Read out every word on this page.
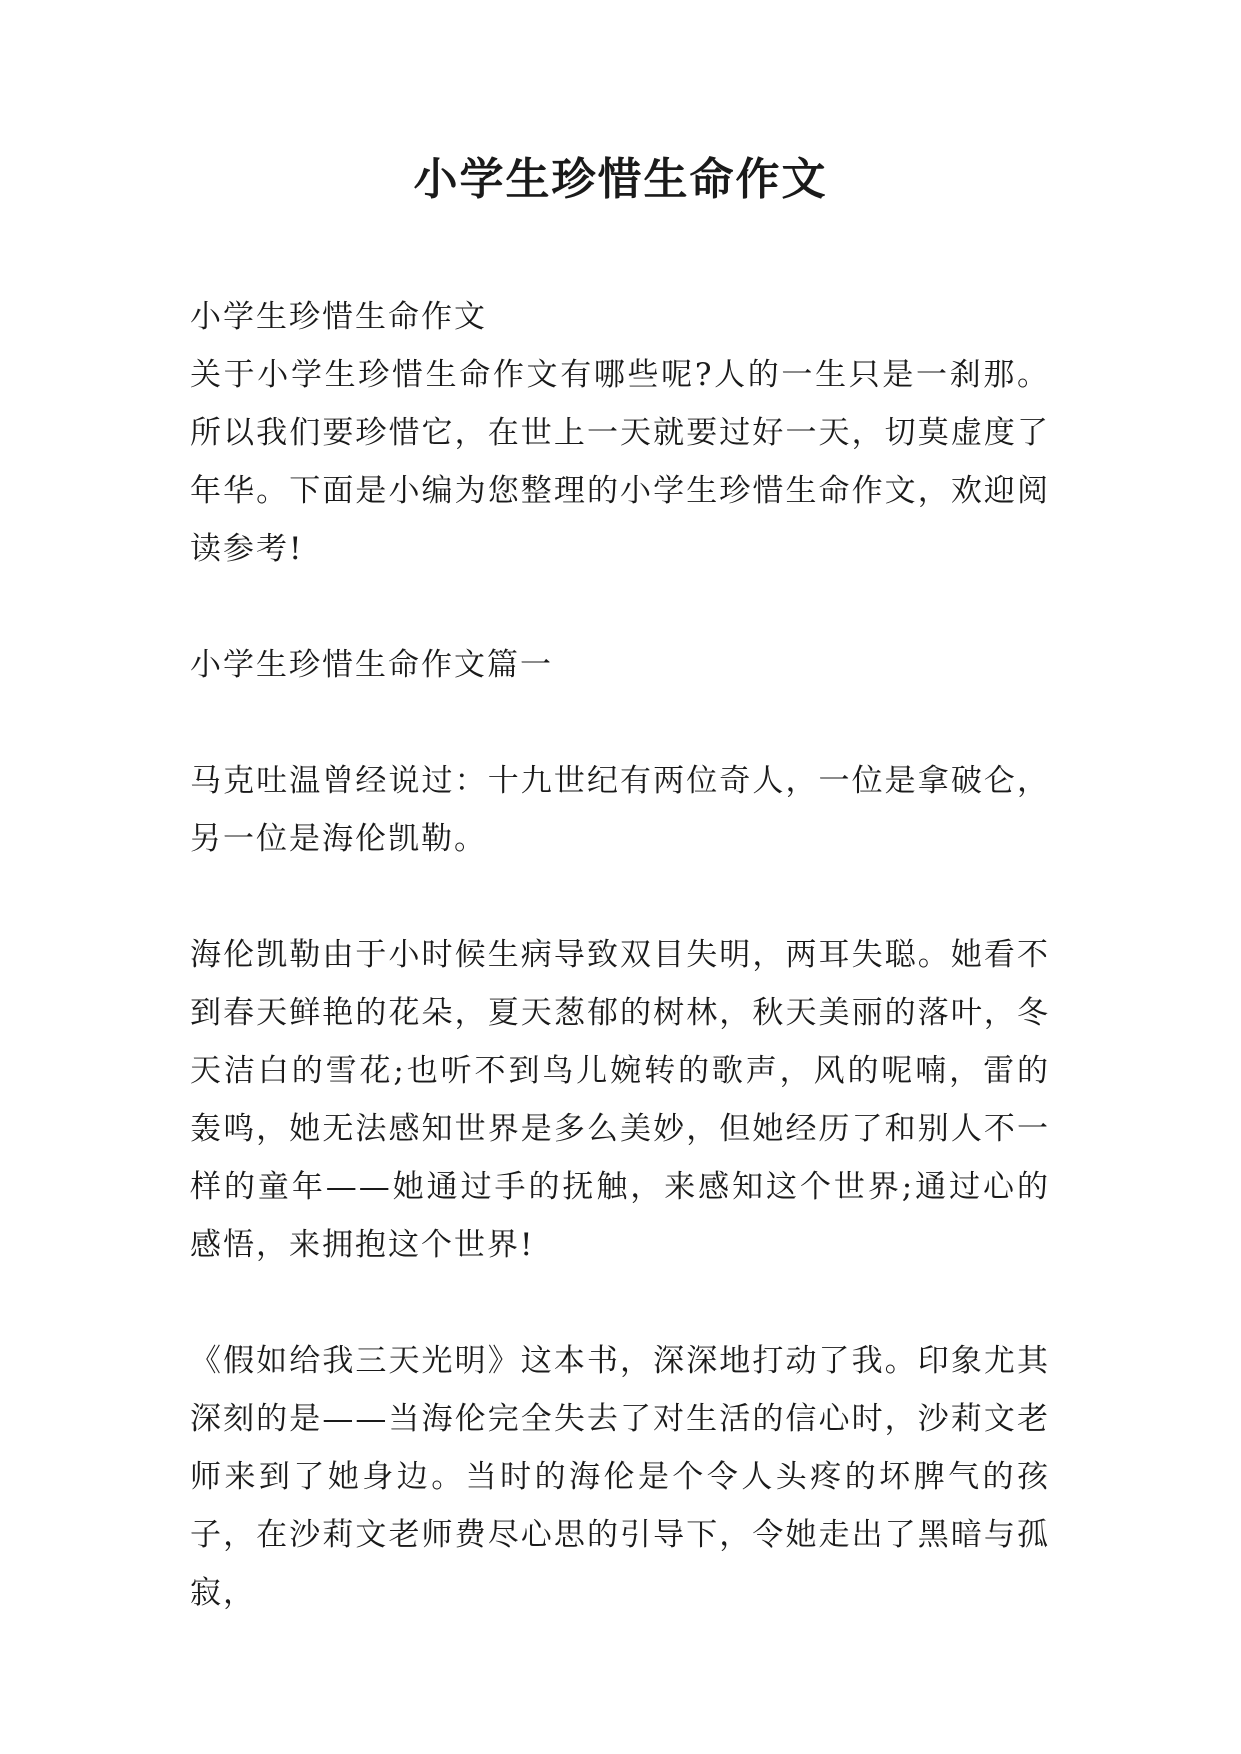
小学生珍惜生命作文

小学生珍惜生命作文

关于小学生珍惜生命作文有哪些呢?人的一生只是一刹那。所以我们要珍惜它，在世上一天就要过好一天，切莫虚度了年华。下面是小编为您整理的小学生珍惜生命作文，欢迎阅读参考!

小学生珍惜生命作文篇一

马克吐温曾经说过：十九世纪有两位奇人，一位是拿破仑，另一位是海伦凯勒。

海伦凯勒由于小时候生病导致双目失明，两耳失聪。她看不到春天鲜艳的花朵，夏天葱郁的树林，秋天美丽的落叶，冬天洁白的雪花;也听不到鸟儿婉转的歌声，风的呢喃，雷的轰鸣，她无法感知世界是多么美妙，但她经历了和别人不一样的童年——她通过手的抚触，来感知这个世界;通过心的感悟，来拥抱这个世界!

《假如给我三天光明》这本书，深深地打动了我。印象尤其深刻的是——当海伦完全失去了对生活的信心时，沙莉文老师来到了她身边。当时的海伦是个令人头疼的坏脾气的孩子，在沙莉文老师费尽心思的引导下，令她走出了黑暗与孤寂，
